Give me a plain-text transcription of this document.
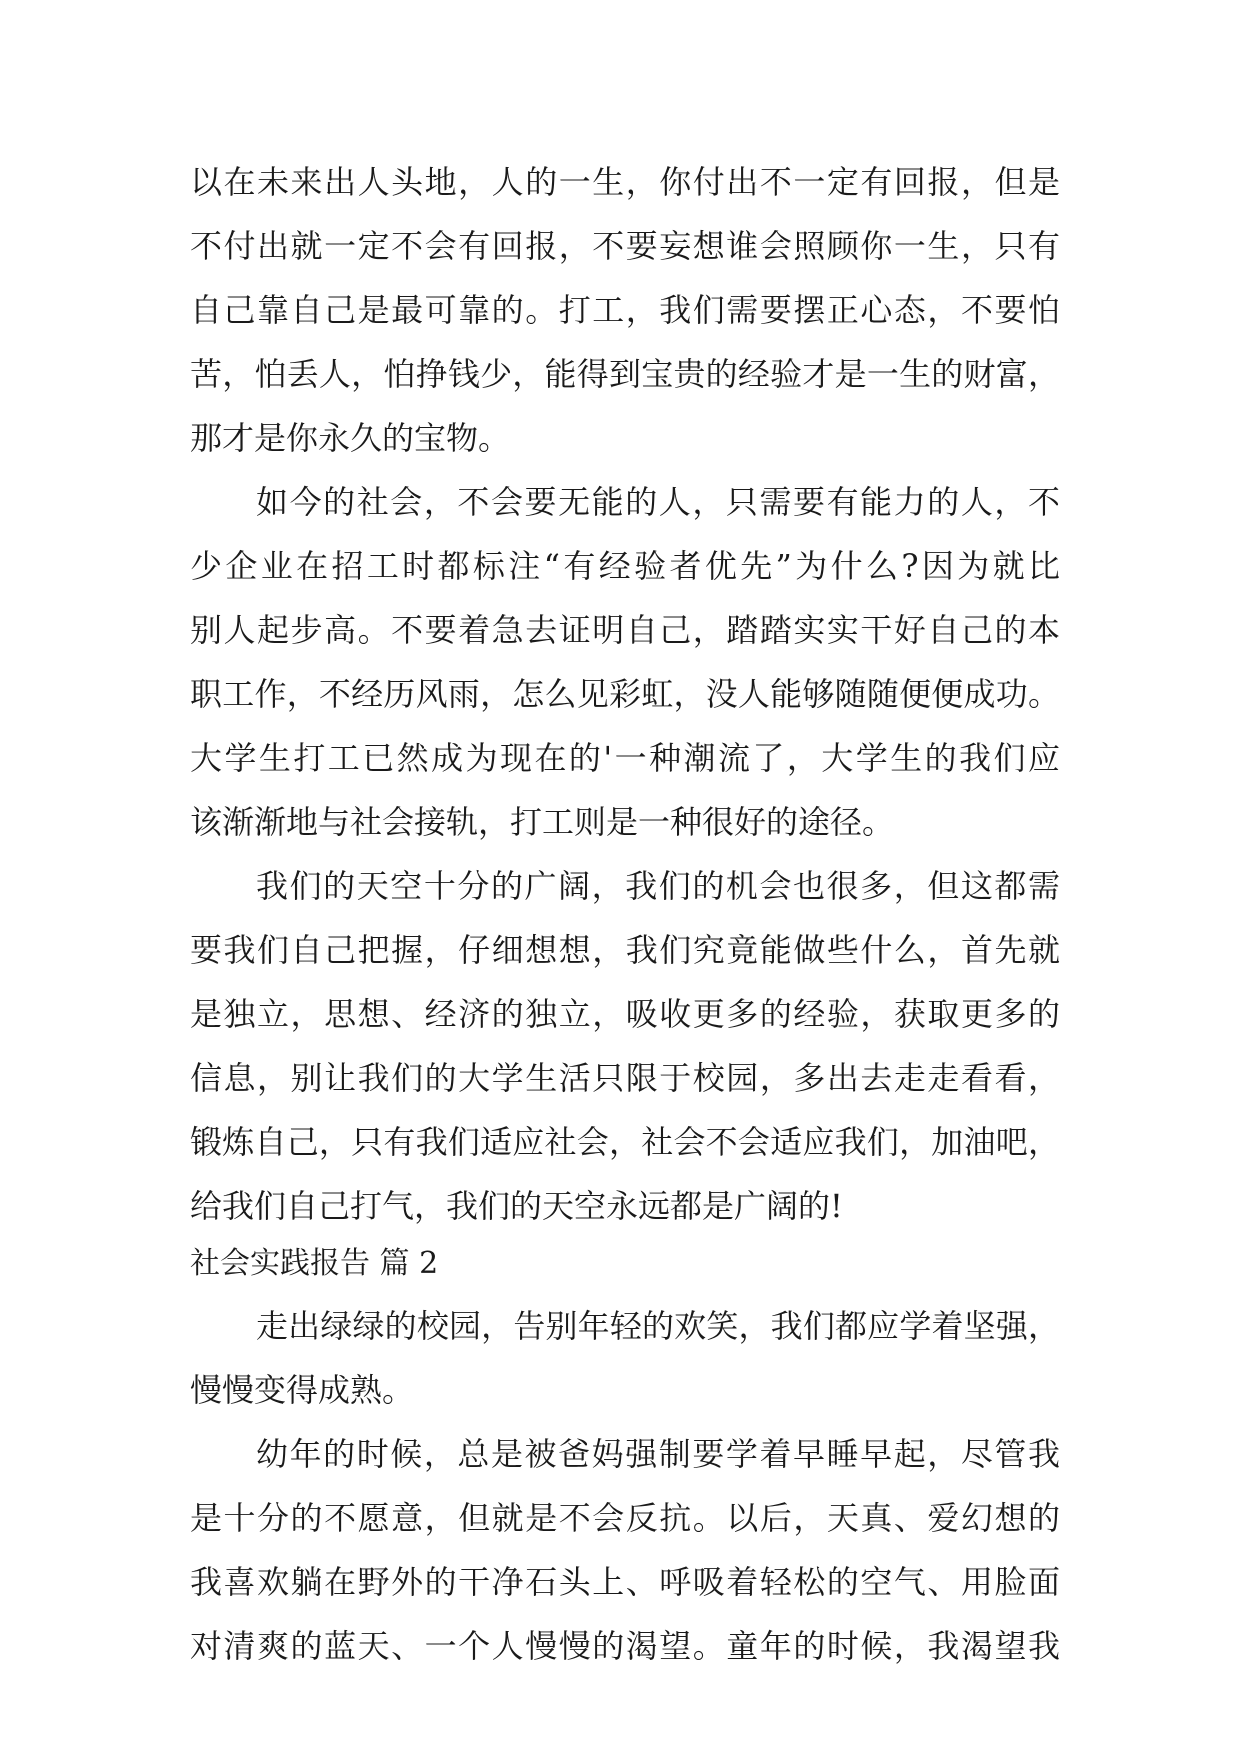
以在未来出人头地，人的一生，你付出不一定有回报，但是
不付出就一定不会有回报，不要妄想谁会照顾你一生，只有
自己靠自己是最可靠的。打工，我们需要摆正心态，不要怕
苦，怕丢人，怕挣钱少，能得到宝贵的经验才是一生的财富，
那才是你永久的宝物。
如今的社会，不会要无能的人，只需要有能力的人，不
少企业在招工时都标注“有经验者优先”为什么?因为就比
别人起步高。不要着急去证明自己，踏踏实实干好自己的本
职工作，不经历风雨，怎么见彩虹，没人能够随随便便成功。
大学生打工已然成为现在的'一种潮流了，大学生的我们应
该渐渐地与社会接轨，打工则是一种很好的途径。
我们的天空十分的广阔，我们的机会也很多，但这都需
要我们自己把握，仔细想想，我们究竟能做些什么，首先就
是独立，思想、经济的独立，吸收更多的经验，获取更多的
信息，别让我们的大学生活只限于校园，多出去走走看看，
锻炼自己，只有我们适应社会，社会不会适应我们，加油吧，
给我们自己打气，我们的天空永远都是广阔的!
社会实践报告 篇 2
走出绿绿的校园，告别年轻的欢笑，我们都应学着坚强，
慢慢变得成熟。
幼年的时候，总是被爸妈强制要学着早睡早起，尽管我
是十分的不愿意，但就是不会反抗。以后，天真、爱幻想的
我喜欢躺在野外的干净石头上、呼吸着轻松的空气、用脸面
对清爽的蓝天、一个人慢慢的渴望。童年的时候，我渴望我
